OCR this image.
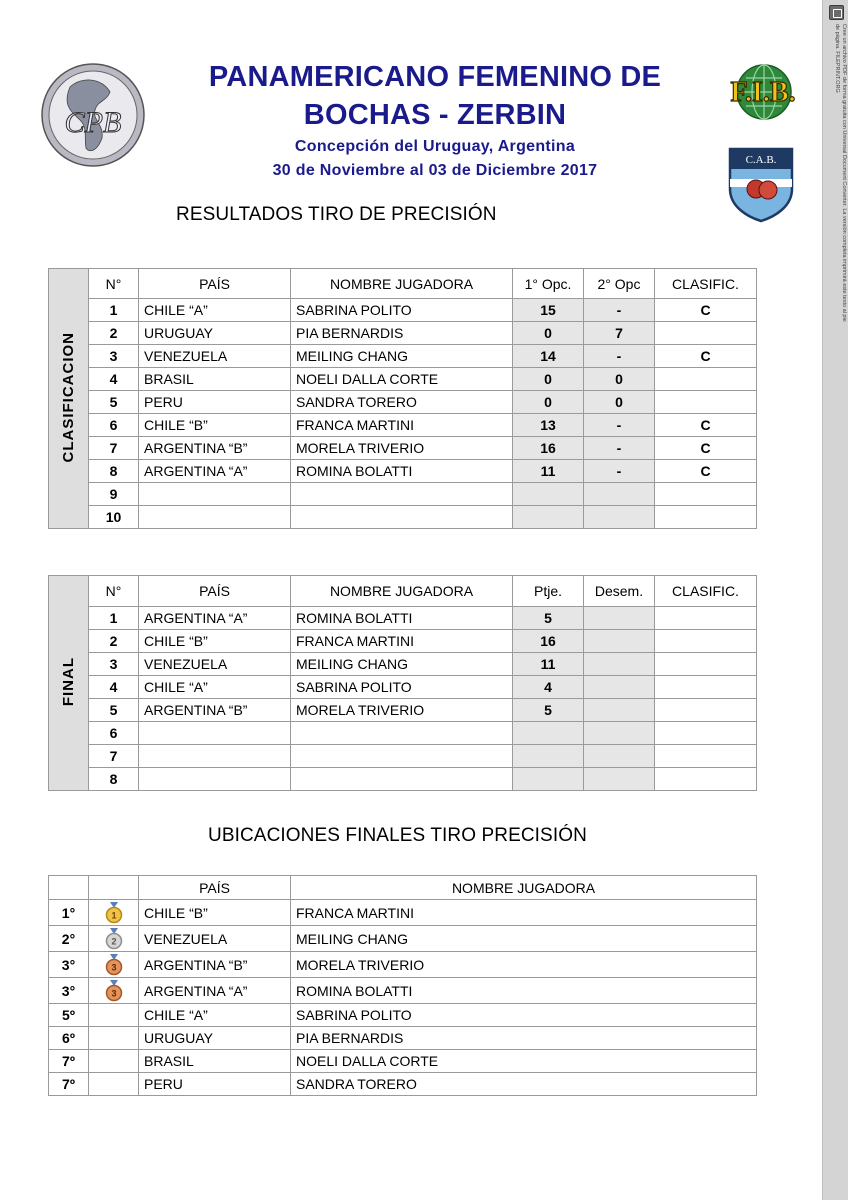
CPB
F.I.B.
C.A.B.
PANAMERICANO FEMENINO DE
BOCHAS - ZERBIN
Concepción del Uruguay, Argentina
30 de Noviembre al 03 de Diciembre 2017
RESULTADOS TIRO DE PRECISIÓN
CLASIFICACION	N°	PAÍS	NOMBRE JUGADORA	1° Opc.	2° Opc	CLASIFIC.
	1	CHILE “A”	SABRINA POLITO	15	-	C
	2	URUGUAY	PIA BERNARDIS	0	7	
	3	VENEZUELA	MEILING CHANG	14	-	C
	4	BRASIL	NOELI DALLA CORTE	0	0	
	5	PERU	SANDRA TORERO	0	0	
	6	CHILE “B”	FRANCA MARTINI	13	-	C
	7	ARGENTINA “B”	MORELA TRIVERIO	16	-	C
	8	ARGENTINA “A”	ROMINA BOLATTI	11	-	C
	9					
	10					
FINAL	N°	PAÍS	NOMBRE JUGADORA	Ptje.	Desem.	CLASIFIC.
	1	ARGENTINA “A”	ROMINA BOLATTI	5		
	2	CHILE “B”	FRANCA MARTINI	16		
	3	VENEZUELA	MEILING CHANG	11		
	4	CHILE “A”	SABRINA POLITO	4		
	5	ARGENTINA “B”	MORELA TRIVERIO	5		
	6					
	7					
	8					
UBICACIONES FINALES TIRO PRECISIÓN
		PAÍS	NOMBRE JUGADORA
1°	1	CHILE “B”	FRANCA MARTINI
2°	2	VENEZUELA	MEILING CHANG
3°	3	ARGENTINA “B”	MORELA TRIVERIO
3°	3	ARGENTINA “A”	ROMINA BOLATTI
5º		CHILE “A”	SABRINA POLITO
6º		URUGUAY	PIA BERNARDIS
7º		BRASIL	NOELI DALLA CORTE
7º		PERU	SANDRA TORERO
Cree un archivo PDF de forma gratuita con Universal Document Converter. La versión completa imprimirá este texto al pie de página. FILEPRINT.ORG
